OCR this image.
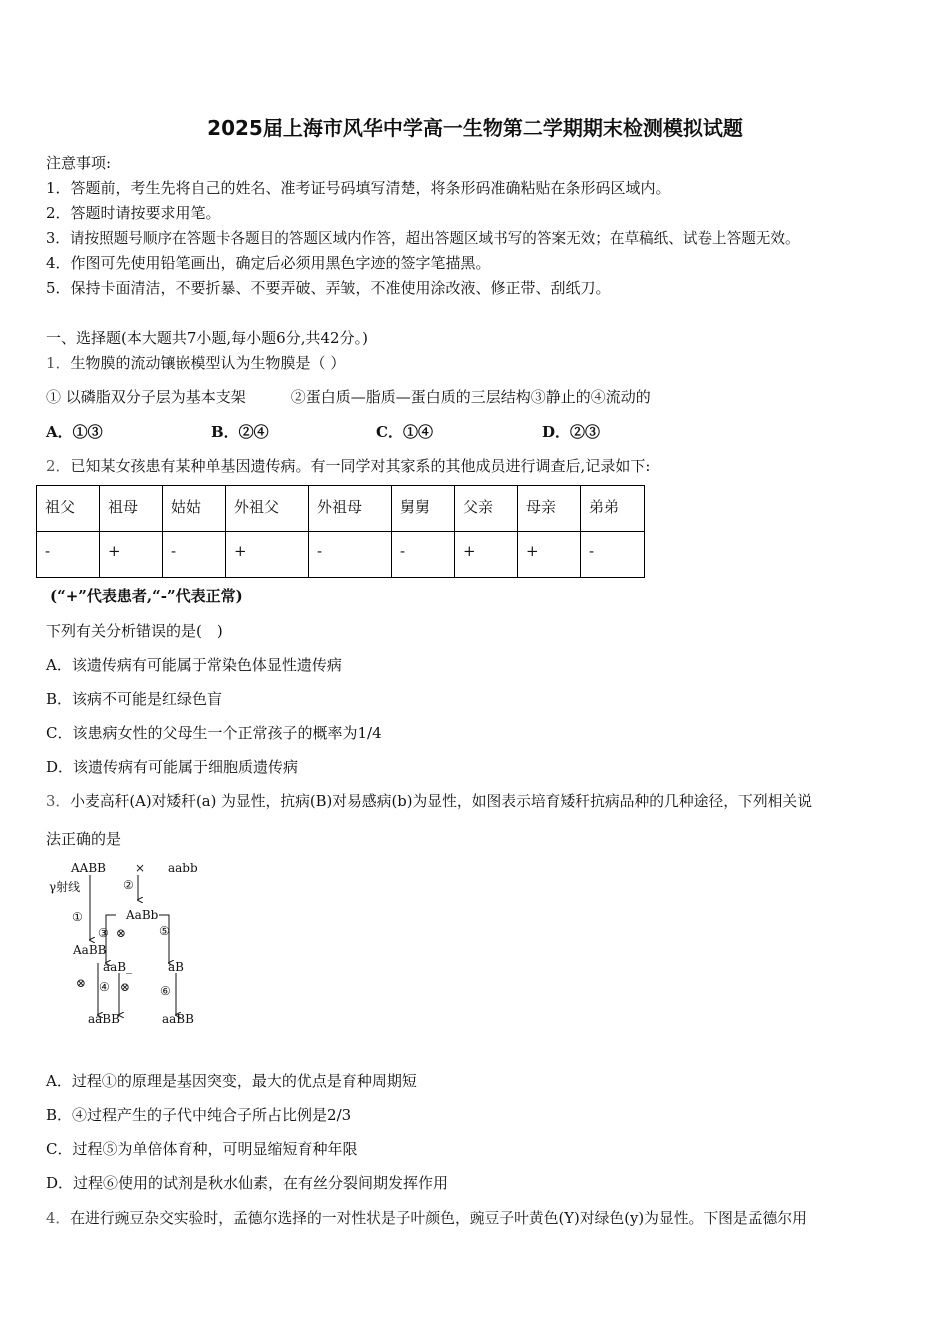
2025届上海市风华中学高一生物第二学期期末检测模拟试题
注意事项:
1．答题前，考生先将自己的姓名、准考证号码填写清楚，将条形码准确粘贴在条形码区域内。
2．答题时请按要求用笔。
3．请按照题号顺序在答题卡各题目的答题区域内作答，超出答题区域书写的答案无效；在草稿纸、试卷上答题无效。
4．作图可先使用铅笔画出，确定后必须用黑色字迹的签字笔描黑。
5．保持卡面清洁，不要折暴、不要弄破、弄皱，不准使用涂改液、修正带、刮纸刀。
一、选择题(本大题共7小题,每小题6分,共42分。)
1．生物膜的流动镶嵌模型认为生物膜是（ ）
① 以磷脂双分子层为基本支架　　　②蛋白质—脂质—蛋白质的三层结构③静止的④流动的
A．①③	B．②④	C．①④	D．②③
2．已知某女孩患有某种单基因遗传病。有一同学对其家系的其他成员进行调查后,记录如下:
祖父	祖母	姑姑	外祖父	外祖母	舅舅	父亲	母亲	弟弟
-	+	-	+	-	-	+	+	-
(“+”代表患者,“-”代表正常)
下列有关分析错误的是(　)
A．该遗传病有可能属于常染色体显性遗传病
B．该病不可能是红绿色盲
C．该患病女性的父母生一个正常孩子的概率为1/4
D．该遗传病有可能属于细胞质遗传病
3．小麦高秆(A)对矮秆(a) 为显性，抗病(B)对易感病(b)为显性，如图表示培育矮秆抗病品种的几种途径，下列相关说
法正确的是
AABB × aabb
γ射线	②
①	AaBb
③ ⊗	⑤
AaBB
aaB_	aB
⊗ ④ ⊗ ⑥
aaBB	aaBB
A．过程①的原理是基因突变，最大的优点是育种周期短
B．④过程产生的子代中纯合子所占比例是2/3
C．过程⑤为单倍体育种，可明显缩短育种年限
D．过程⑥使用的试剂是秋水仙素，在有丝分裂间期发挥作用
4．在进行豌豆杂交实验时，孟德尔选择的一对性状是子叶颜色，豌豆子叶黄色(Y)对绿色(y)为显性。下图是孟德尔用
